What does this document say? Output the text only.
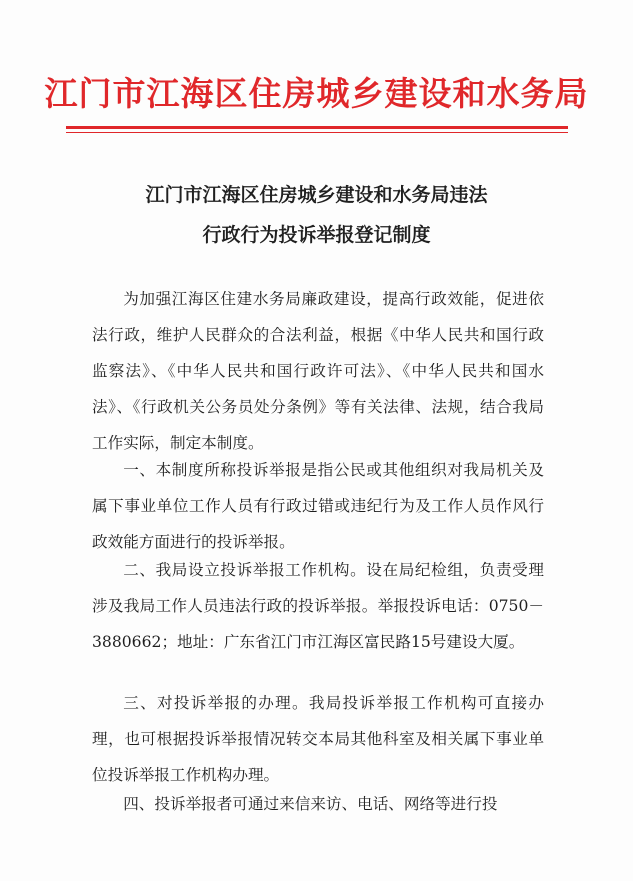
江门市江海区住房城乡建设和水务局
江门市江海区住房城乡建设和水务局违法
行政行为投诉举报登记制度

为加强江海区住建水务局廉政建设，提高行政效能，促进依法行政，维护人民群众的合法利益，根据《中华人民共和国行政监察法》、《中华人民共和国行政许可法》、《中华人民共和国水法》、《行政机关公务员处分条例》等有关法律、法规，结合我局工作实际，制定本制度。

一、本制度所称投诉举报是指公民或其他组织对我局机关及属下事业单位工作人员有行政过错或违纪行为及工作人员作风行政效能方面进行的投诉举报。

二、我局设立投诉举报工作机构。设在局纪检组，负责受理涉及我局工作人员违法行政的投诉举报。举报投诉电话：0750－3880662；地址：广东省江门市江海区富民路15号建设大厦。

三、对投诉举报的办理。我局投诉举报工作机构可直接办理，也可根据投诉举报情况转交本局其他科室及相关属下事业单位投诉举报工作机构办理。

四、投诉举报者可通过来信来访、电话、网络等进行投
